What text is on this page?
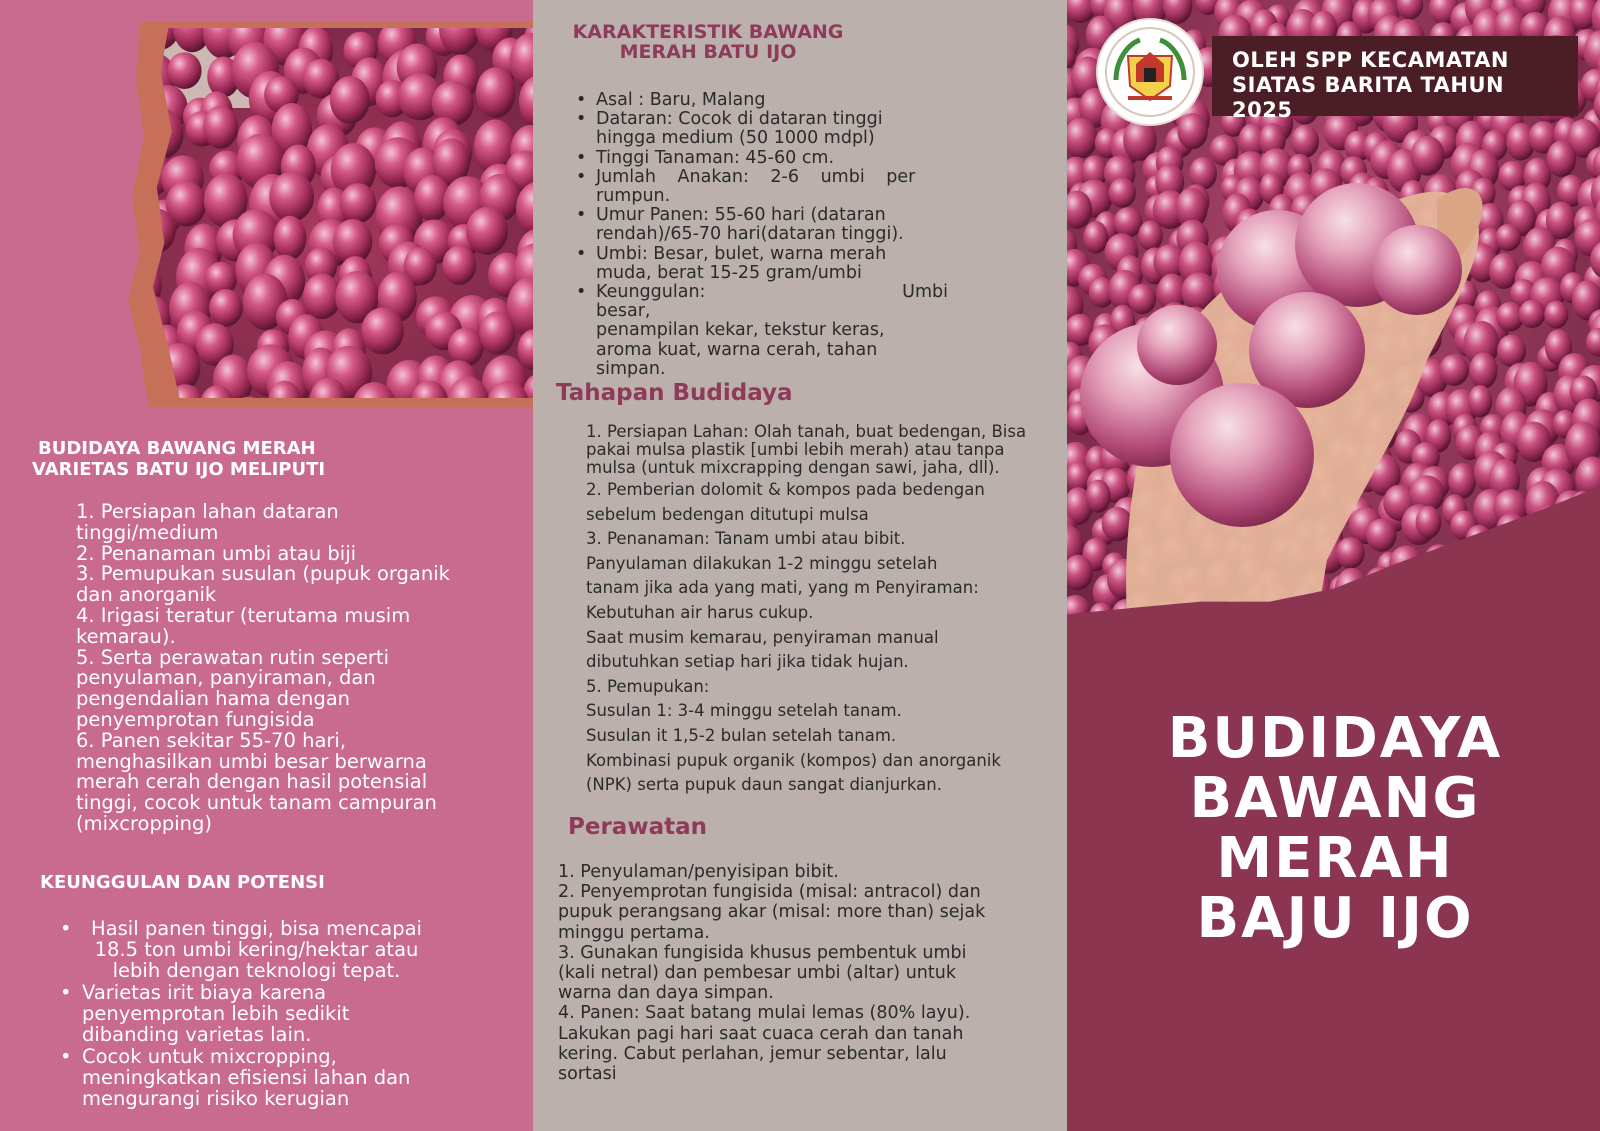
BUDIDAYA BAWANG MERAH
VARIETAS BATU IJO MELIPUTI
1. Persiapan lahan dataran
tinggi/medium
2. Penanaman umbi atau biji
3. Pemupukan susulan (pupuk organik
dan anorganik
4. Irigasi teratur (terutama musim
kemarau).
5. Serta perawatan rutin seperti
penyulaman, panyiraman, dan
pengendalian hama dengan
penyemprotan fungisida
6. Panen sekitar 55-70 hari,
menghasilkan umbi besar berwarna
merah cerah dengan hasil potensial
tinggi, cocok untuk tanam campuran
(mixcropping)
KEUNGGULAN DAN POTENSI
•	Hasil panen tinggi, bisa mencapai
18.5 ton umbi kering/hektar atau
lebih dengan teknologi tepat.
• Varietas irit biaya karena
penyemprotan lebih sedikit
dibanding varietas lain.
• Cocok untuk mixcropping,
meningkatkan efisiensi lahan dan
mengurangi risiko kerugian
KARAKTERISTIK BAWANG
MERAH BATU IJO
• Asal : Baru, Malang
• Dataran: Cocok di dataran tinggi
hingga medium (50 1000 mdpl)
• Tinggi Tanaman: 45-60 cm.
• Jumlah Anakan: 2-6 umbi per
rumpun.
• Umur Panen: 55-60 hari (dataran
rendah)/65-70 hari(dataran tinggi).
• Umbi: Besar, bulet, warna merah
muda, berat 15-25 gram/umbi
• Keunggulan: Umbi besar,
penampilan kekar, tekstur keras,
aroma kuat, warna cerah, tahan
simpan.
Tahapan Budidaya
1. Persiapan Lahan: Olah tanah, buat bedengan, Bisa
pakai mulsa plastik [umbi lebih merah) atau tanpa
mulsa (untuk mixcrapping dengan sawi, jaha, dll).
2. Pemberian dolomit & kompos pada bedengan
sebelum bedengan ditutupi mulsa
3. Penanaman: Tanam umbi atau bibit.
Panyulaman dilakukan 1-2 minggu setelah
tanam jika ada yang mati, yang m Penyiraman:
Kebutuhan air harus cukup.
Saat musim kemarau, penyiraman manual
dibutuhkan setiap hari jika tidak hujan.
5. Pemupukan:
Susulan 1: 3-4 minggu setelah tanam.
Susulan it 1,5-2 bulan setelah tanam.
Kombinasi pupuk organik (kompos) dan anorganik
(NPK) serta pupuk daun sangat dianjurkan.
Perawatan
1. Penyulaman/penyisipan bibit.
2. Penyemprotan fungisida (misal: antracol) dan
pupuk perangsang akar (misal: more than) sejak
minggu pertama.
3. Gunakan fungisida khusus pembentuk umbi
(kali netral) dan pembesar umbi (altar) untuk
warna dan daya simpan.
4. Panen: Saat batang mulai lemas (80% layu).
Lakukan pagi hari saat cuaca cerah dan tanah
kering. Cabut perlahan, jemur sebentar, lalu
sortasi
OLEH SPP KECAMATAN
SIATAS BARITA TAHUN 2025
BUDIDAYA
BAWANG
MERAH
BAJU IJO
